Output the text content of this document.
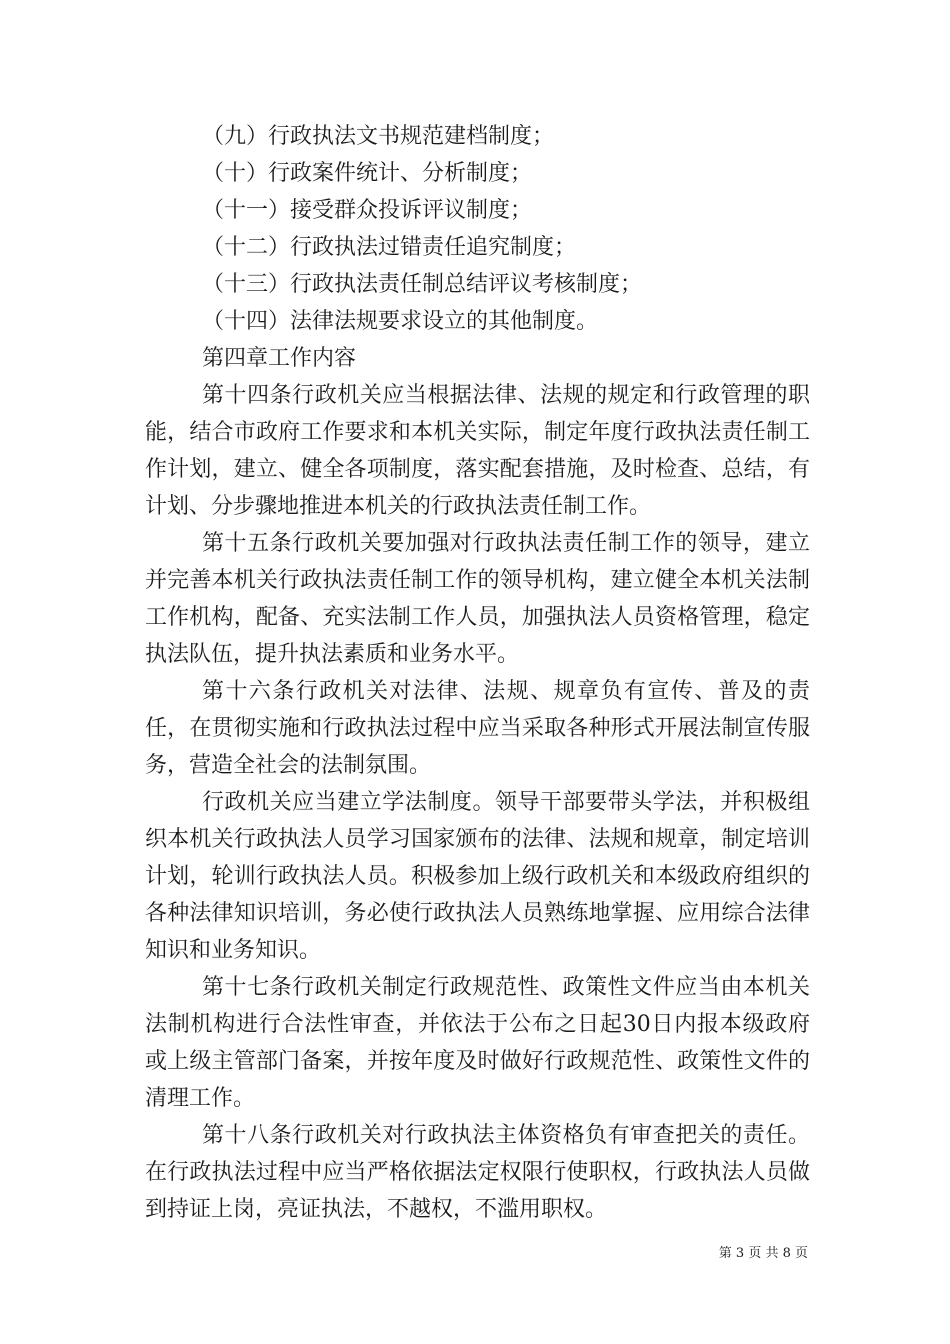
（九）行政执法文书规范建档制度；

（十）行政案件统计、分析制度；

（十一）接受群众投诉评议制度；

（十二）行政执法过错责任追究制度；

（十三）行政执法责任制总结评议考核制度；

（十四）法律法规要求设立的其他制度。

第四章工作内容

第十四条行政机关应当根据法律、法规的规定和行政管理的职能，结合市政府工作要求和本机关实际，制定年度行政执法责任制工作计划，建立、健全各项制度，落实配套措施，及时检查、总结，有计划、分步骤地推进本机关的行政执法责任制工作。

第十五条行政机关要加强对行政执法责任制工作的领导，建立并完善本机关行政执法责任制工作的领导机构，建立健全本机关法制工作机构，配备、充实法制工作人员，加强执法人员资格管理，稳定执法队伍，提升执法素质和业务水平。

第十六条行政机关对法律、法规、规章负有宣传、普及的责任，在贯彻实施和行政执法过程中应当采取各种形式开展法制宣传服务，营造全社会的法制氛围。

行政机关应当建立学法制度。领导干部要带头学法，并积极组织本机关行政执法人员学习国家颁布的法律、法规和规章，制定培训计划，轮训行政执法人员。积极参加上级行政机关和本级政府组织的各种法律知识培训，务必使行政执法人员熟练地掌握、应用综合法律知识和业务知识。

第十七条行政机关制定行政规范性、政策性文件应当由本机关法制机构进行合法性审查，并依法于公布之日起30日内报本级政府或上级主管部门备案，并按年度及时做好行政规范性、政策性文件的清理工作。

第十八条行政机关对行政执法主体资格负有审查把关的责任。在行政执法过程中应当严格依据法定权限行使职权，行政执法人员做到持证上岗，亮证执法，不越权，不滥用职权。

第 3 页 共 8 页
